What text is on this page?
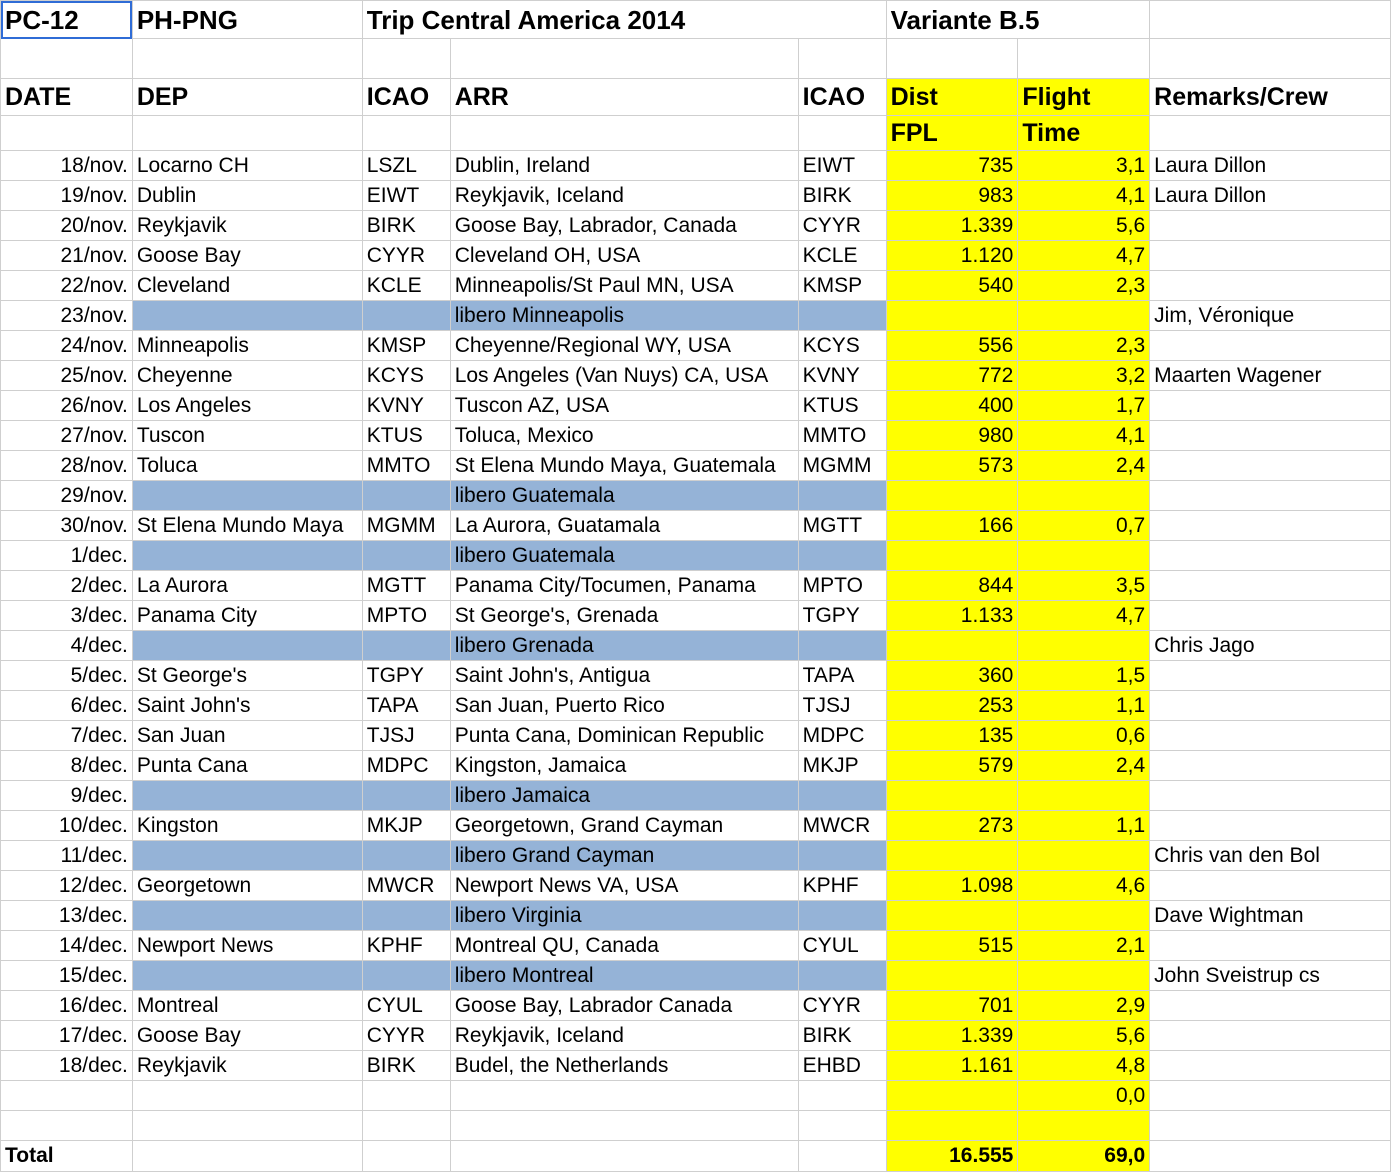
PC-12	PH-PNG	Trip Central America 2014			Variante B.5		

DATE	DEP	ICAO	ARR	ICAO	Dist	Flight	Remarks/Crew
					FPL	Time	
18/nov.	Locarno CH	LSZL	Dublin, Ireland	EIWT	735	3,1	Laura Dillon
19/nov.	Dublin	EIWT	Reykjavik, Iceland	BIRK	983	4,1	Laura Dillon
20/nov.	Reykjavik	BIRK	Goose Bay, Labrador, Canada	CYYR	1.339	5,6	
21/nov.	Goose Bay	CYYR	Cleveland OH, USA	KCLE	1.120	4,7	
22/nov.	Cleveland	KCLE	Minneapolis/St Paul MN, USA	KMSP	540	2,3	
23/nov.			libero Minneapolis				Jim, Véronique
24/nov.	Minneapolis	KMSP	Cheyenne/Regional WY, USA	KCYS	556	2,3	
25/nov.	Cheyenne	KCYS	Los Angeles (Van Nuys) CA, USA	KVNY	772	3,2	Maarten Wagener
26/nov.	Los Angeles	KVNY	Tuscon AZ, USA	KTUS	400	1,7	
27/nov.	Tuscon	KTUS	Toluca, Mexico	MMTO	980	4,1	
28/nov.	Toluca	MMTO	St Elena Mundo Maya, Guatemala	MGMM	573	2,4	
29/nov.			libero Guatemala				
30/nov.	St Elena Mundo Maya	MGMM	La Aurora, Guatamala	MGTT	166	0,7	
1/dec.			libero Guatemala				
2/dec.	La Aurora	MGTT	Panama City/Tocumen, Panama	MPTO	844	3,5	
3/dec.	Panama City	MPTO	St George's, Grenada	TGPY	1.133	4,7	
4/dec.			libero Grenada				Chris Jago
5/dec.	St George's	TGPY	Saint John's, Antigua	TAPA	360	1,5	
6/dec.	Saint John's	TAPA	San Juan, Puerto Rico	TJSJ	253	1,1	
7/dec.	San Juan	TJSJ	Punta Cana, Dominican Republic	MDPC	135	0,6	
8/dec.	Punta Cana	MDPC	Kingston, Jamaica	MKJP	579	2,4	
9/dec.			libero Jamaica				
10/dec.	Kingston	MKJP	Georgetown, Grand Cayman	MWCR	273	1,1	
11/dec.			libero Grand Cayman				Chris van den Bol
12/dec.	Georgetown	MWCR	Newport News VA, USA	KPHF	1.098	4,6	
13/dec.			libero Virginia				Dave Wightman
14/dec.	Newport News	KPHF	Montreal QU, Canada	CYUL	515	2,1	
15/dec.			libero Montreal				John Sveistrup cs
16/dec.	Montreal	CYUL	Goose Bay, Labrador Canada	CYYR	701	2,9	
17/dec.	Goose Bay	CYYR	Reykjavik, Iceland	BIRK	1.339	5,6	
18/dec.	Reykjavik	BIRK	Budel, the Netherlands	EHBD	1.161	4,8	
						0,0	

Total					16.555	69,0	
